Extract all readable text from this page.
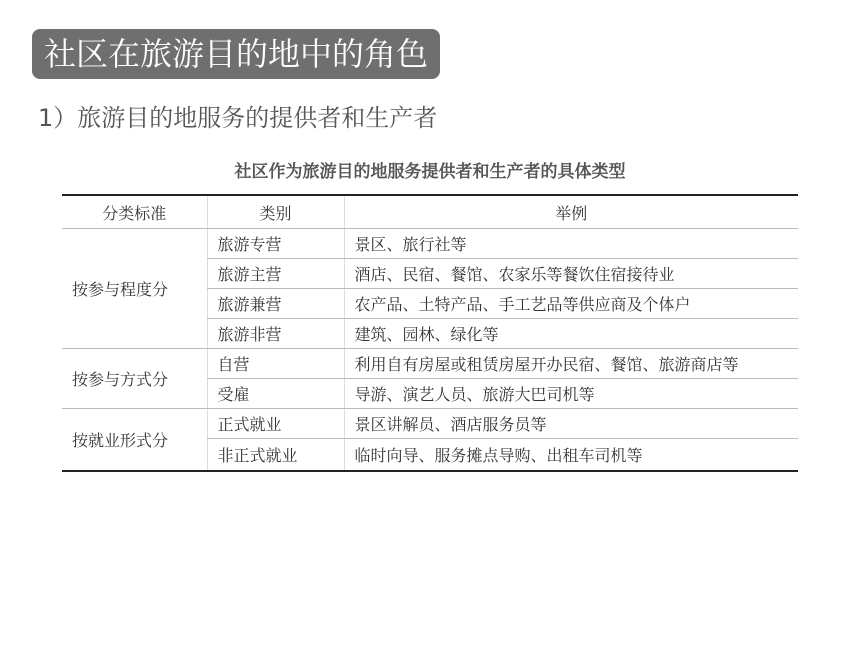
社区在旅游目的地中的角色
1）旅游目的地服务的提供者和生产者
社区作为旅游目的地服务提供者和生产者的具体类型
分类标准	类别	举例
按参与程度分	旅游专营	景区、旅行社等
	旅游主营	酒店、民宿、餐馆、农家乐等餐饮住宿接待业
	旅游兼营	农产品、土特产品、手工艺品等供应商及个体户
	旅游非营	建筑、园林、绿化等
按参与方式分	自营	利用自有房屋或租赁房屋开办民宿、餐馆、旅游商店等
	受雇	导游、演艺人员、旅游大巴司机等
按就业形式分	正式就业	景区讲解员、酒店服务员等
	非正式就业	临时向导、服务摊点导购、出租车司机等
